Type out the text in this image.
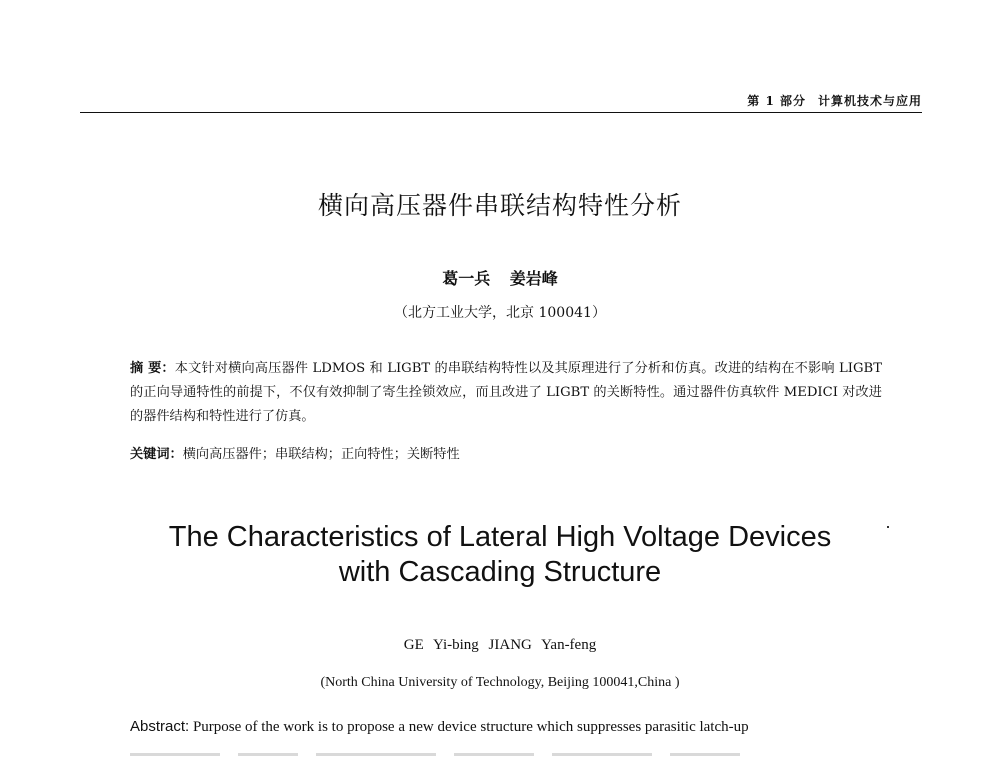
第 1 部分 计算机技术与应用
横向高压器件串联结构特性分析
葛一兵 姜岩峰
（北方工业大学，北京 100041）
摘 要：本文针对横向高压器件 LDMOS 和 LIGBT 的串联结构特性以及其原理进行了分析和仿真。改进的结构在不影响 LIGBT 的正向导通特性的前提下，不仅有效抑制了寄生拴锁效应，而且改进了 LIGBT 的关断特性。通过器件仿真软件 MEDICI 对改进的器件结构和特性进行了仿真。
关键词：横向高压器件；串联结构；正向特性；关断特性
The Characteristics of Lateral High Voltage Devices
with Cascading Structure
GE Yi-bing JIANG Yan-feng
(North China University of Technology, Beijing 100041,China )
Abstract: Purpose of the work is to propose a new device structure which suppresses parasitic latch-up
